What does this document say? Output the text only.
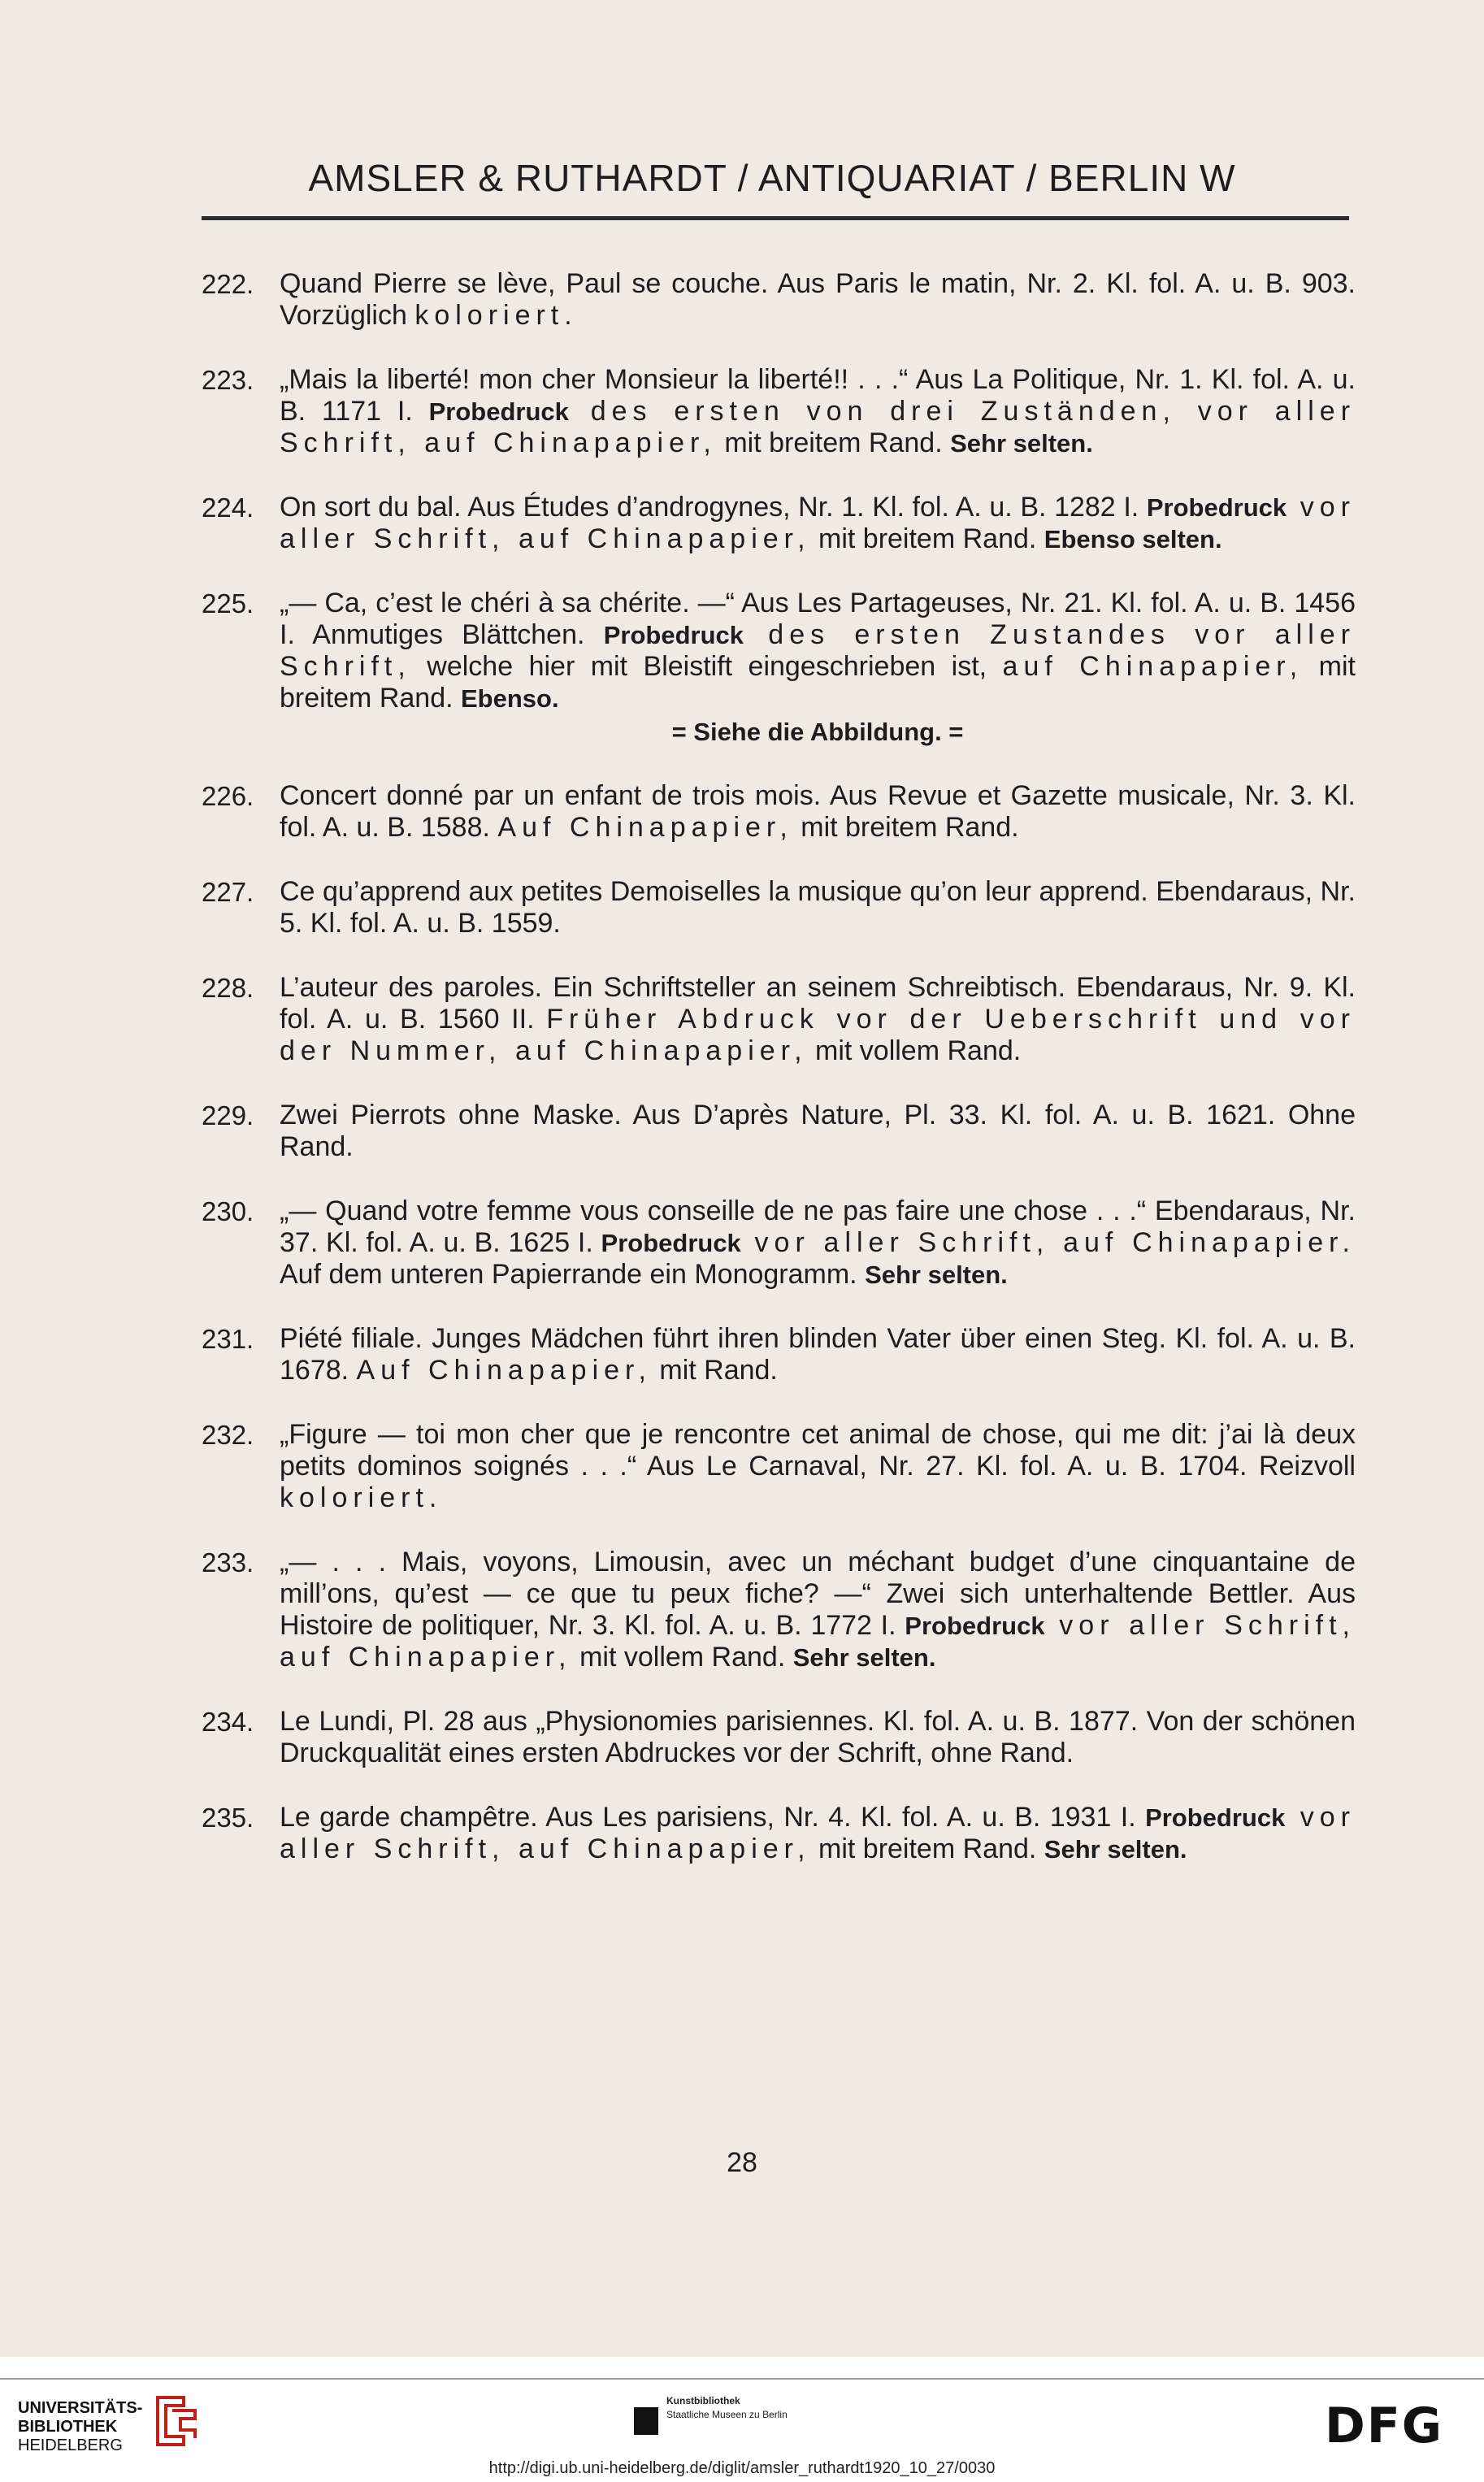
AMSLER & RUTHARDT / ANTIQUARIAT / BERLIN W
222. Quand Pierre se lève, Paul se couche. Aus Paris le matin, Nr. 2. Kl. fol. A. u. B. 903. Vorzüglich koloriert.
223. „Mais la liberté! mon cher Monsieur la liberté!! . . .“ Aus La Politique, Nr. 1. Kl. fol. A. u. B. 1171 I. Probedruck des ersten von drei Zuständen, vor aller Schrift, auf Chinapapier, mit breitem Rand. Sehr selten.
224. On sort du bal. Aus Études d’androgynes, Nr. 1. Kl. fol. A. u. B. 1282 I. Probedruck vor aller Schrift, auf Chinapapier, mit breitem Rand. Ebenso selten.
225. „— Ca, c’est le chéri à sa chérite. —“ Aus Les Partageuses, Nr. 21. Kl. fol. A. u. B. 1456 I. Anmutiges Blättchen. Probedruck des ersten Zustandes vor aller Schrift, welche hier mit Bleistift eingeschrieben ist, auf Chinapapier, mit breitem Rand. Ebenso.
= Siehe die Abbildung. =
226. Concert donné par un enfant de trois mois. Aus Revue et Gazette musicale, Nr. 3. Kl. fol. A. u. B. 1588. Auf Chinapapier, mit breitem Rand.
227. Ce qu’apprend aux petites Demoiselles la musique qu’on leur apprend. Ebendaraus, Nr. 5. Kl. fol. A. u. B. 1559.
228. L’auteur des paroles. Ein Schriftsteller an seinem Schreibtisch. Ebendaraus, Nr. 9. Kl. fol. A. u. B. 1560 II. Früher Abdruck vor der Ueberschrift und vor der Nummer, auf Chinapapier, mit vollem Rand.
229. Zwei Pierrots ohne Maske. Aus D’après Nature, Pl. 33. Kl. fol. A. u. B. 1621. Ohne Rand.
230. „— Quand votre femme vous conseille de ne pas faire une chose . . .“ Ebendaraus, Nr. 37. Kl. fol. A. u. B. 1625 I. Probedruck vor aller Schrift, auf Chinapapier. Auf dem unteren Papierrande ein Monogramm. Sehr selten.
231. Piété filiale. Junges Mädchen führt ihren blinden Vater über einen Steg. Kl. fol. A. u. B. 1678. Auf Chinapapier, mit Rand.
232. „Figure — toi mon cher que je rencontre cet animal de chose, qui me dit: j’ai là deux petits dominos soignés . . .“ Aus Le Carnaval, Nr. 27. Kl. fol. A. u. B. 1704. Reizvoll koloriert.
233. „— . . . Mais, voyons, Limousin, avec un méchant budget d’une cinquantaine de mill’ons, qu’est — ce que tu peux fiche? —“ Zwei sich unterhaltende Bettler. Aus Histoire de politiquer, Nr. 3. Kl. fol. A. u. B. 1772 I. Probedruck vor aller Schrift, auf Chinapapier, mit vollem Rand. Sehr selten.
234. Le Lundi, Pl. 28 aus „Physionomies parisiennes. Kl. fol. A. u. B. 1877. Von der schönen Druckqualität eines ersten Abdruckes vor der Schrift, ohne Rand.
235. Le garde champêtre. Aus Les parisiens, Nr. 4. Kl. fol. A. u. B. 1931 I. Probedruck vor aller Schrift, auf Chinapapier, mit breitem Rand. Sehr selten.
28
UNIVERSITÄTS-
BIBLIOTHEK
HEIDELBERG
Kunstbibliothek
Staatliche Museen zu Berlin	DFG
http://digi.ub.uni-heidelberg.de/diglit/amsler_ruthardt1920_10_27/0030
